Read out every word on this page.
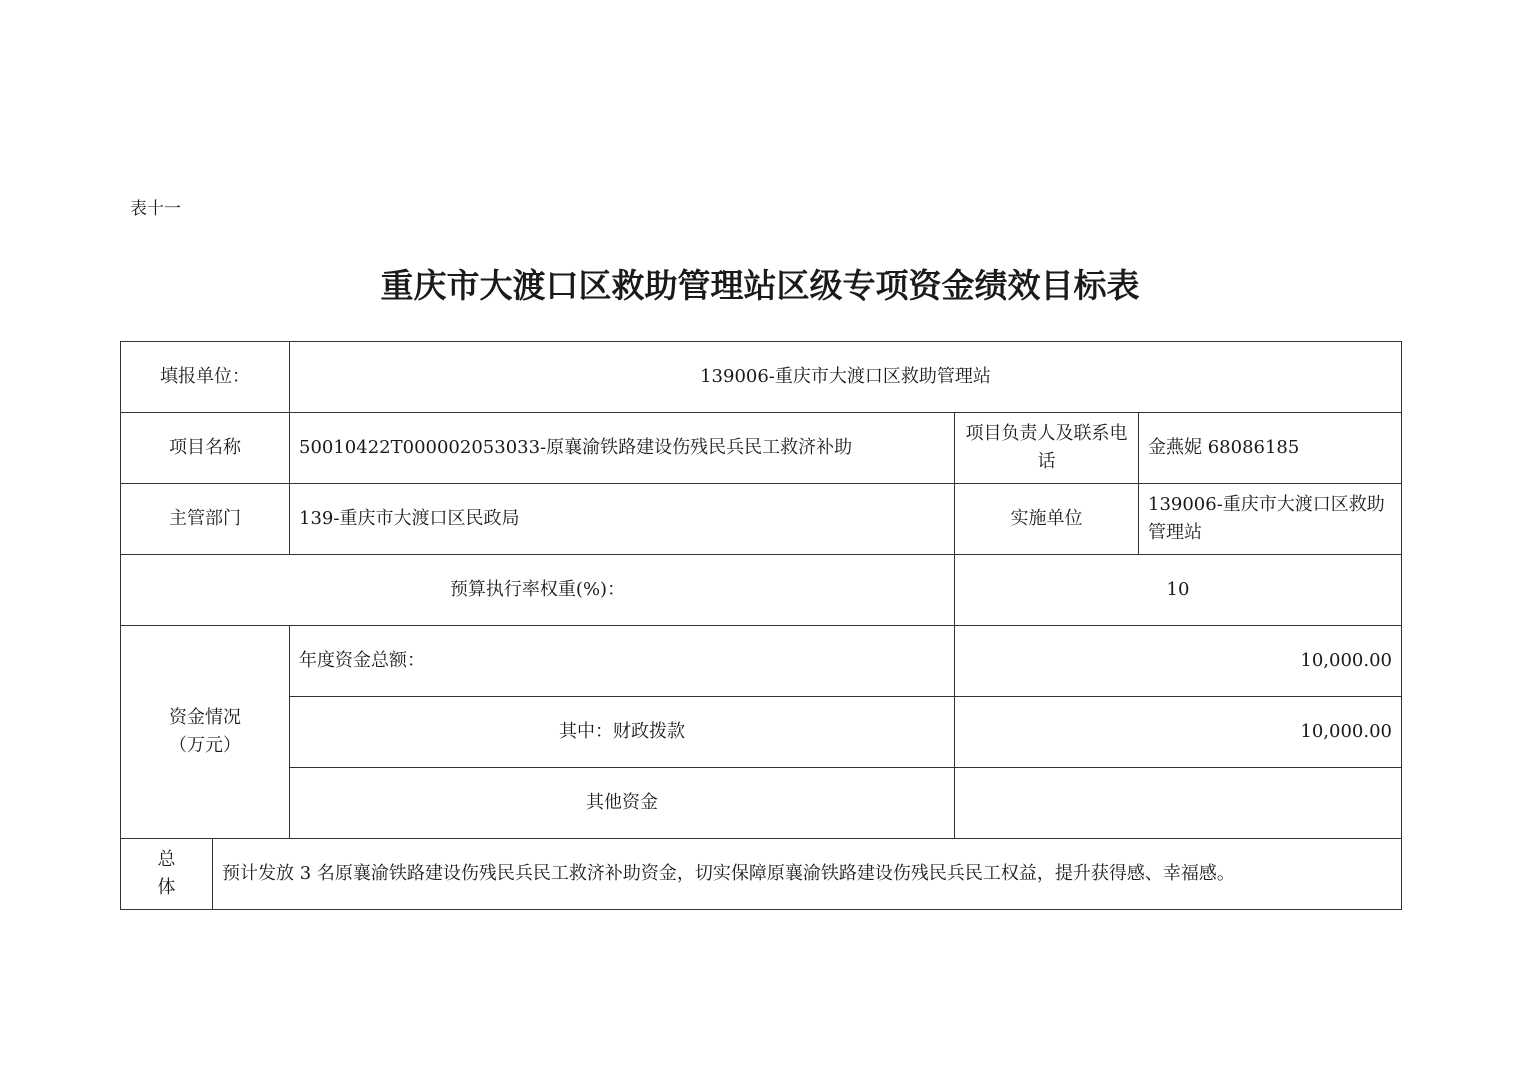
表十一
重庆市大渡口区救助管理站区级专项资金绩效目标表
填报单位：		139006-重庆市大渡口区救助管理站		
项目名称		50010422T000002053033-原襄渝铁路建设伤残民兵民工救济补助	项目负责人及联系电话	金燕妮 68086185
主管部门		139-重庆市大渡口区民政局	实施单位	139006-重庆市大渡口区救助管理站
预算执行率权重(%)：			10	

资金情况
（万元）		年度资金总额：	10,000.00	
		其中：财政拨款	10,000.00	
		其他资金		

总
体	预计发放 3 名原襄渝铁路建设伤残民兵民工救济补助资金，切实保障原襄渝铁路建设伤残民兵民工权益，提升获得感、幸福感。			
